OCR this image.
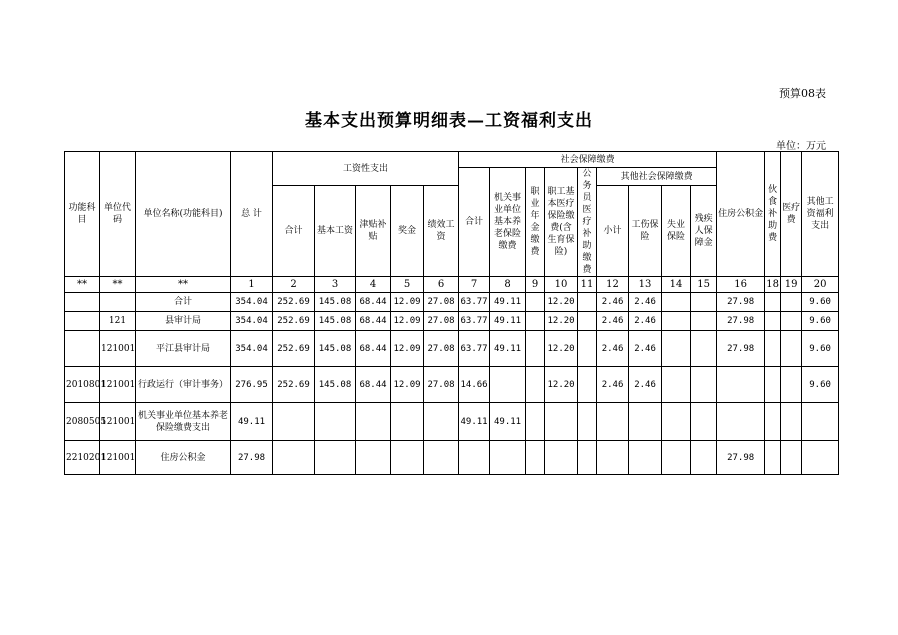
预算08表
基本支出预算明细表—工资福利支出
单位：万元
功能科目	单位代码	单位名称(功能科目)	总 计	工资性支出					社会保障缴费									住房公积金	伙食补助费	医疗费	其他工资福利支出
									合计	机关事业单位基本养老保险缴费	职业年金缴费	职工基本医疗保险缴费(含生育保险)	公务员医疗补助缴费	其他社会保障缴费							
				合计	基本工资	津贴补贴	奖金	绩效工资						小计	工伤保险	失业保险	残疾人保障金				
**	**	**	1	2	3	4	5	6	7	8	9	10	11	12	13	14	15	16	18	19	20
		合计	354.04	252.69	145.08	68.44	12.09	27.08	63.77	49.11		12.20		2.46	2.46			27.98			9.60
	121	县审计局	354.04	252.69	145.08	68.44	12.09	27.08	63.77	49.11		12.20		2.46	2.46			27.98			9.60
	121001	平江县审计局	354.04	252.69	145.08	68.44	12.09	27.08	63.77	49.11		12.20		2.46	2.46			27.98			9.60
2010801	121001	行政运行（审计事务）	276.95	252.69	145.08	68.44	12.09	27.08	14.66			12.20		2.46	2.46						9.60
2080505	121001	机关事业单位基本养老保险缴费支出	49.11						49.11	49.11											
2210201	121001	住房公积金	27.98															27.98			
